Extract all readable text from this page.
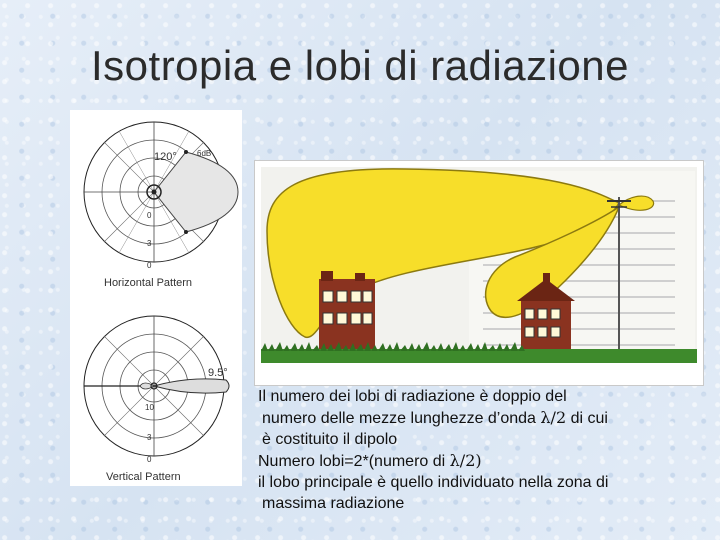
Isotropia e lobi di radiazione
120°	6dB
0
3
0
Horizontal Pattern
9.5°
10
3
0
Vertical Pattern

Il numero dei lobi di radiazione è doppio del

numero delle mezze lunghezze d’onda λ/2 di cui

è costituito il dipolo

Numero lobi=2*(numero di λ/2)

il lobo principale è quello individuato nella zona di

massima radiazione
